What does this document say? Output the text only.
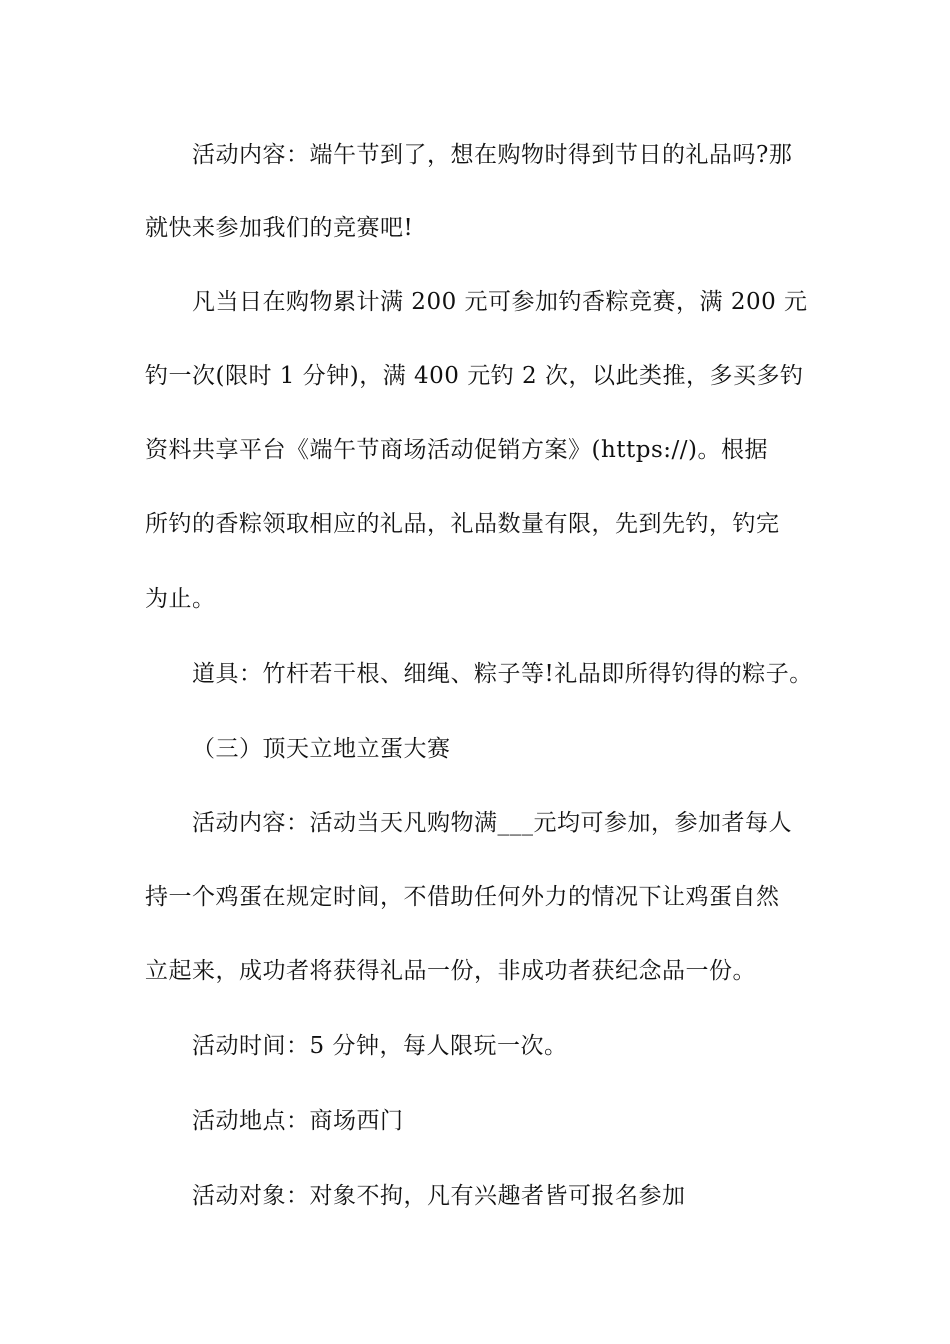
活动内容：端午节到了，想在购物时得到节日的礼品吗?那
就快来参加我们的竞赛吧!
凡当日在购物累计满 200 元可参加钓香粽竞赛，满 200 元
钓一次(限时 1 分钟)，满 400 元钓 2 次，以此类推，多买多钓
资料共享平台《端午节商场活动促销方案》(https://)。根据
所钓的香粽领取相应的礼品，礼品数量有限，先到先钓，钓完
为止。
道具：竹杆若干根、细绳、粽子等!礼品即所得钓得的粽子。
（三）顶天立地立蛋大赛
活动内容：活动当天凡购物满___元均可参加，参加者每人
持一个鸡蛋在规定时间，不借助任何外力的情况下让鸡蛋自然
立起来，成功者将获得礼品一份，非成功者获纪念品一份。
活动时间：5 分钟，每人限玩一次。
活动地点：商场西门
活动对象：对象不拘，凡有兴趣者皆可报名参加
